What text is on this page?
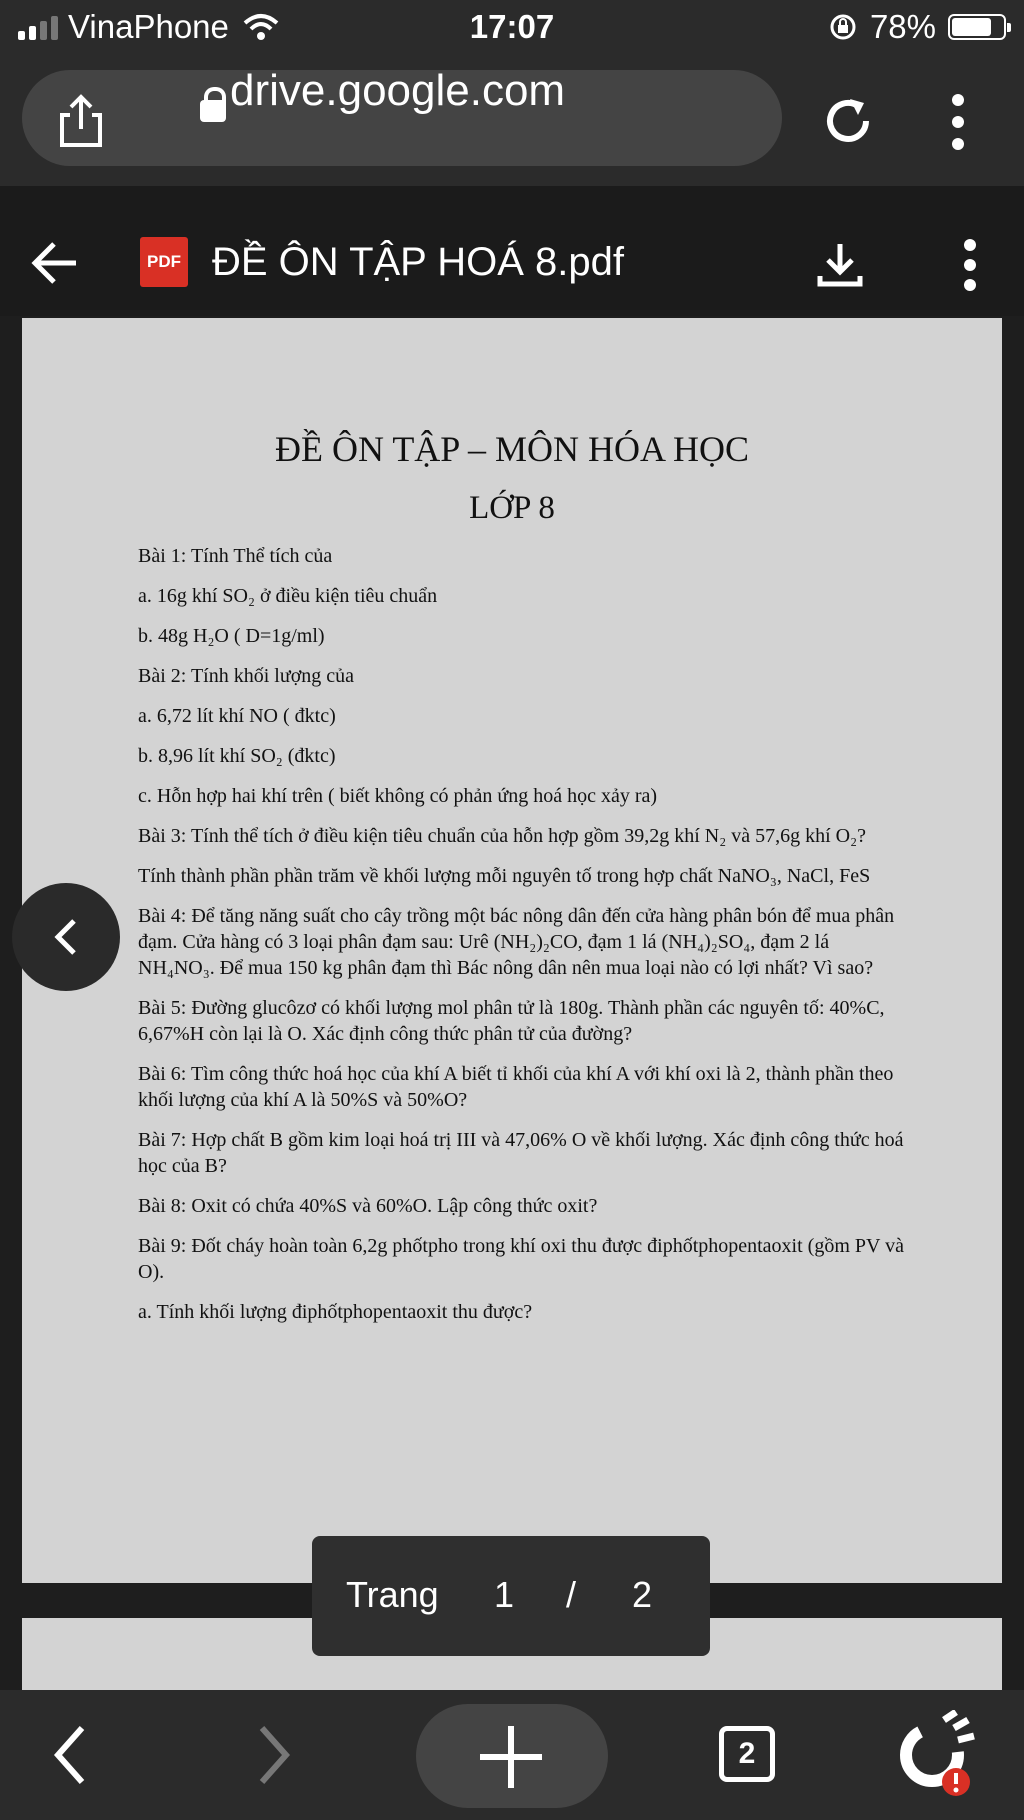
VinaPhone	17:07	78%
drive.google.com
PDF ĐỀ ÔN TẬP HOÁ 8.pdf
ĐỀ ÔN TẬP – MÔN HÓA HỌC
LỚP 8

Bài 1: Tính Thể tích của

a. 16g khí SO₂ ở điều kiện tiêu chuẩn

b. 48g H₂O ( D=1g/ml)

Bài 2: Tính khối lượng của

a. 6,72 lít khí NO ( đktc)

b. 8,96 lít khí SO₂ (đktc)

c. Hỗn hợp hai khí trên ( biết không có phản ứng hoá học xảy ra)

Bài 3: Tính thể tích ở điều kiện tiêu chuẩn của hỗn hợp gồm 39,2g khí N₂ và 57,6g khí O₂?

Tính thành phần phần trăm về khối lượng mỗi nguyên tố trong hợp chất NaNO₃, NaCl, FeS

Bài 4: Để tăng năng suất cho cây trồng một bác nông dân đến cửa hàng phân bón để mua phân đạm. Cửa hàng có 3 loại phân đạm sau: Urê (NH₂)₂CO, đạm 1 lá (NH₄)₂SO₄, đạm 2 lá NH₄NO₃. Để mua 150 kg phân đạm thì Bác nông dân nên mua loại nào có lợi nhất? Vì sao?

Bài 5: Đường glucôzơ có khối lượng mol phân tử là 180g. Thành phần các nguyên tố: 40%C, 6,67%H còn lại là O. Xác định công thức phân tử của đường?

Bài 6: Tìm công thức hoá học của khí A biết tỉ khối của khí A với khí oxi là 2, thành phần theo khối lượng của khí A là 50%S và 50%O?

Bài 7: Hợp chất B gồm kim loại hoá trị III và 47,06% O về khối lượng. Xác định công thức hoá học của B?

Bài 8: Oxit có chứa 40%S và 60%O. Lập công thức oxit?

Bài 9: Đốt cháy hoàn toàn 6,2g phốtpho trong khí oxi thu được điphốtphopentaoxit (gồm PV và O).

a. Tính khối lượng điphốtphopentaoxit thu được?

Trang 1 / 2
2
